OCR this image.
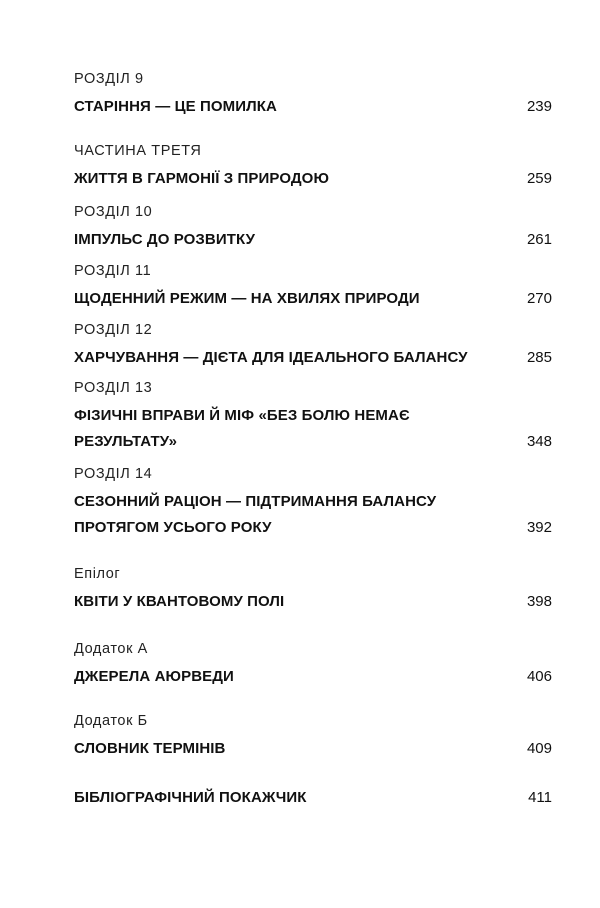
РОЗДІЛ 9
СТАРІННЯ — ЦЕ ПОМИЛКА	239
ЧАСТИНА ТРЕТЯ
ЖИТТЯ В ГАРМОНІЇ З ПРИРОДОЮ	259
РОЗДІЛ 10
ІМПУЛЬС ДО РОЗВИТКУ	261
РОЗДІЛ 11
ЩОДЕННИЙ РЕЖИМ — НА ХВИЛЯХ ПРИРОДИ	270
РОЗДІЛ 12
ХАРЧУВАННЯ — ДІЄТА ДЛЯ ІДЕАЛЬНОГО БАЛАНСУ	285
РОЗДІЛ 13
ФІЗИЧНІ ВПРАВИ Й МІФ «БЕЗ БОЛЮ НЕМАЄ
РЕЗУЛЬТАТУ»	348
РОЗДІЛ 14
СЕЗОННИЙ РАЦІОН — ПІДТРИМАННЯ БАЛАНСУ
ПРОТЯГОМ УСЬОГО РОКУ	392
Епілог
КВІТИ У КВАНТОВОМУ ПОЛІ	398
Додаток А
ДЖЕРЕЛА АЮРВЕДИ	406
Додаток Б
СЛОВНИК ТЕРМІНІВ	409
БІБЛІОГРАФІЧНИЙ ПОКАЖЧИК	411
